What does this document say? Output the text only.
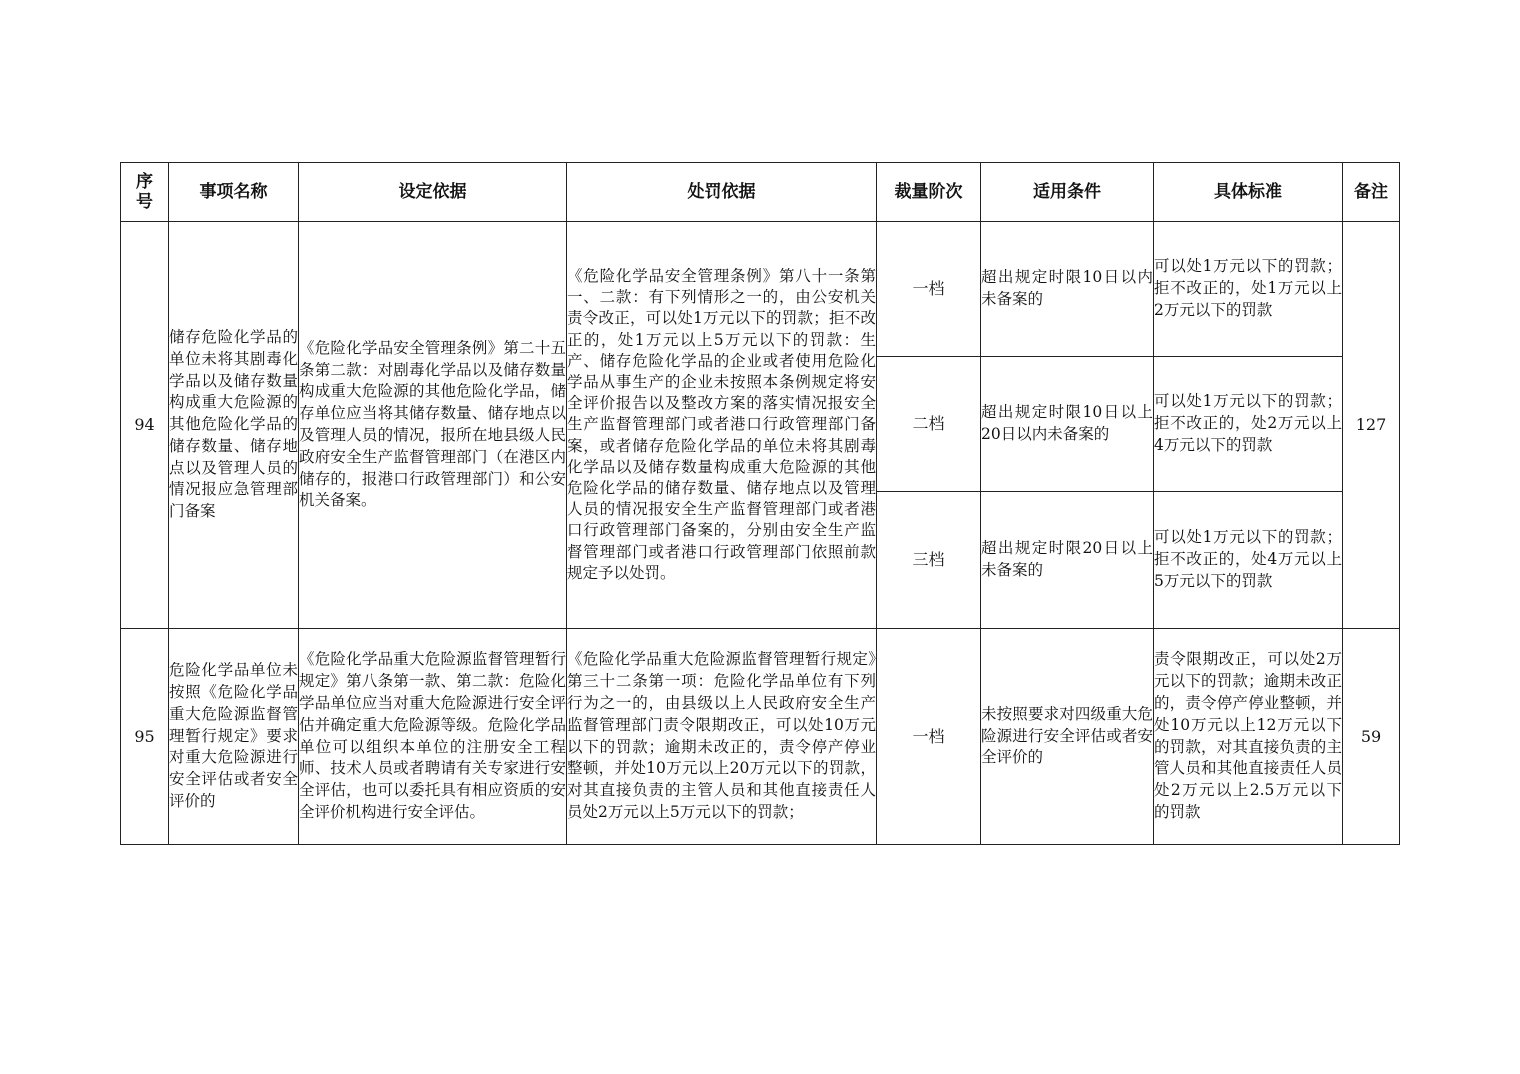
序号	事项名称	设定依据	处罚依据	裁量阶次	适用条件	具体标准	备注
94	储存危险化学品的单位未将其剧毒化学品以及储存数量构成重大危险源的其他危险化学品的储存数量、储存地点以及管理人员的情况报应急管理部门备案	《危险化学品安全管理条例》第二十五条第二款：对剧毒化学品以及储存数量构成重大危险源的其他危险化学品，储存单位应当将其储存数量、储存地点以及管理人员的情况，报所在地县级人民政府安全生产监督管理部门（在港区内储存的，报港口行政管理部门）和公安机关备案。	《危险化学品安全管理条例》第八十一条第一、二款：有下列情形之一的，由公安机关责令改正，可以处1万元以下的罚款；拒不改正的，处1万元以上5万元以下的罚款：生产、储存危险化学品的企业或者使用危险化学品从事生产的企业未按照本条例规定将安全评价报告以及整改方案的落实情况报安全生产监督管理部门或者港口行政管理部门备案，或者储存危险化学品的单位未将其剧毒化学品以及储存数量构成重大危险源的其他危险化学品的储存数量、储存地点以及管理人员的情况报安全生产监督管理部门或者港口行政管理部门备案的，分别由安全生产监督管理部门或者港口行政管理部门依照前款规定予以处罚。	一档	超出规定时限10日以内未备案的	可以处1万元以下的罚款；拒不改正的，处1万元以上2万元以下的罚款	127
				二档	超出规定时限10日以上20日以内未备案的	可以处1万元以下的罚款；拒不改正的，处2万元以上4万元以下的罚款	
				三档	超出规定时限20日以上未备案的	可以处1万元以下的罚款；拒不改正的，处4万元以上5万元以下的罚款	
95	危险化学品单位未按照《危险化学品重大危险源监督管理暂行规定》要求对重大危险源进行安全评估或者安全评价的	《危险化学品重大危险源监督管理暂行规定》第八条第一款、第二款：危险化学品单位应当对重大危险源进行安全评估并确定重大危险源等级。危险化学品单位可以组织本单位的注册安全工程师、技术人员或者聘请有关专家进行安全评估，也可以委托具有相应资质的安全评价机构进行安全评估。	《危险化学品重大危险源监督管理暂行规定》第三十二条第一项：危险化学品单位有下列行为之一的，由县级以上人民政府安全生产监督管理部门责令限期改正，可以处10万元以下的罚款；逾期未改正的，责令停产停业整顿，并处10万元以上20万元以下的罚款，对其直接负责的主管人员和其他直接责任人员处2万元以上5万元以下的罚款；	一档	未按照要求对四级重大危险源进行安全评估或者安全评价的	责令限期改正，可以处2万元以下的罚款；逾期未改正的，责令停产停业整顿，并处10万元以上12万元以下的罚款，对其直接负责的主管人员和其他直接责任人员处2万元以上2.5万元以下的罚款	59
